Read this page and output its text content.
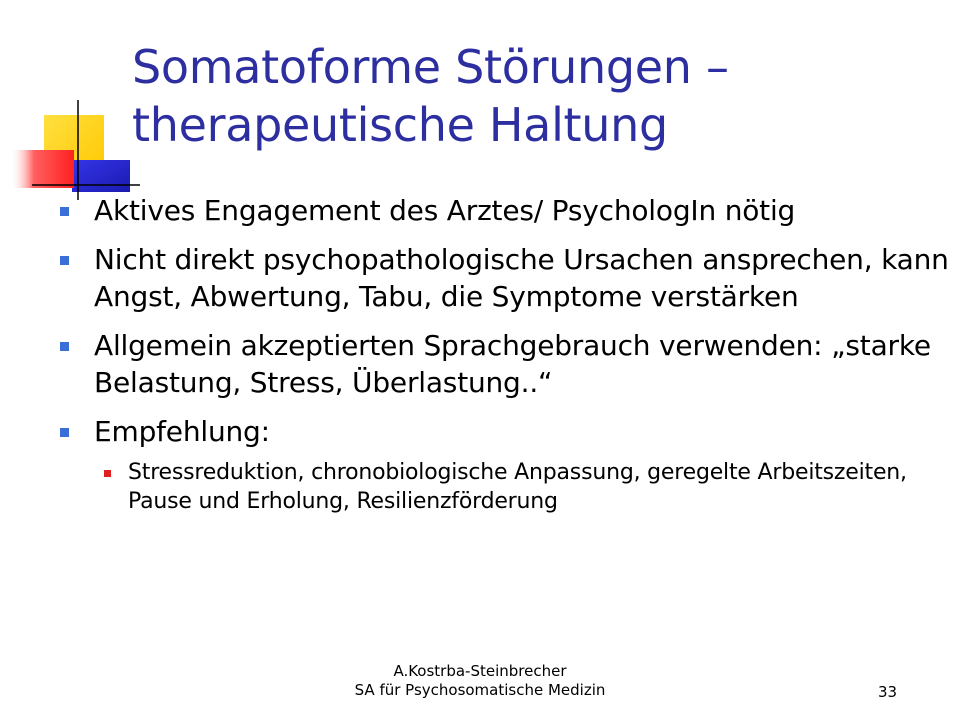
Somatoforme Störungen –
therapeutische Haltung
Aktives Engagement des Arztes/ PsychologIn nötig
Nicht direkt psychopathologische Ursachen ansprechen, kann Angst, Abwertung, Tabu, die Symptome verstärken
Allgemein akzeptierten Sprachgebrauch verwenden: „starke Belastung, Stress, Überlastung..“
Empfehlung:
Stressreduktion, chronobiologische Anpassung, geregelte Arbeitszeiten, Pause und Erholung, Resilienzförderung
A.Kostrba-Steinbrecher
SA für Psychosomatische Medizin	33
